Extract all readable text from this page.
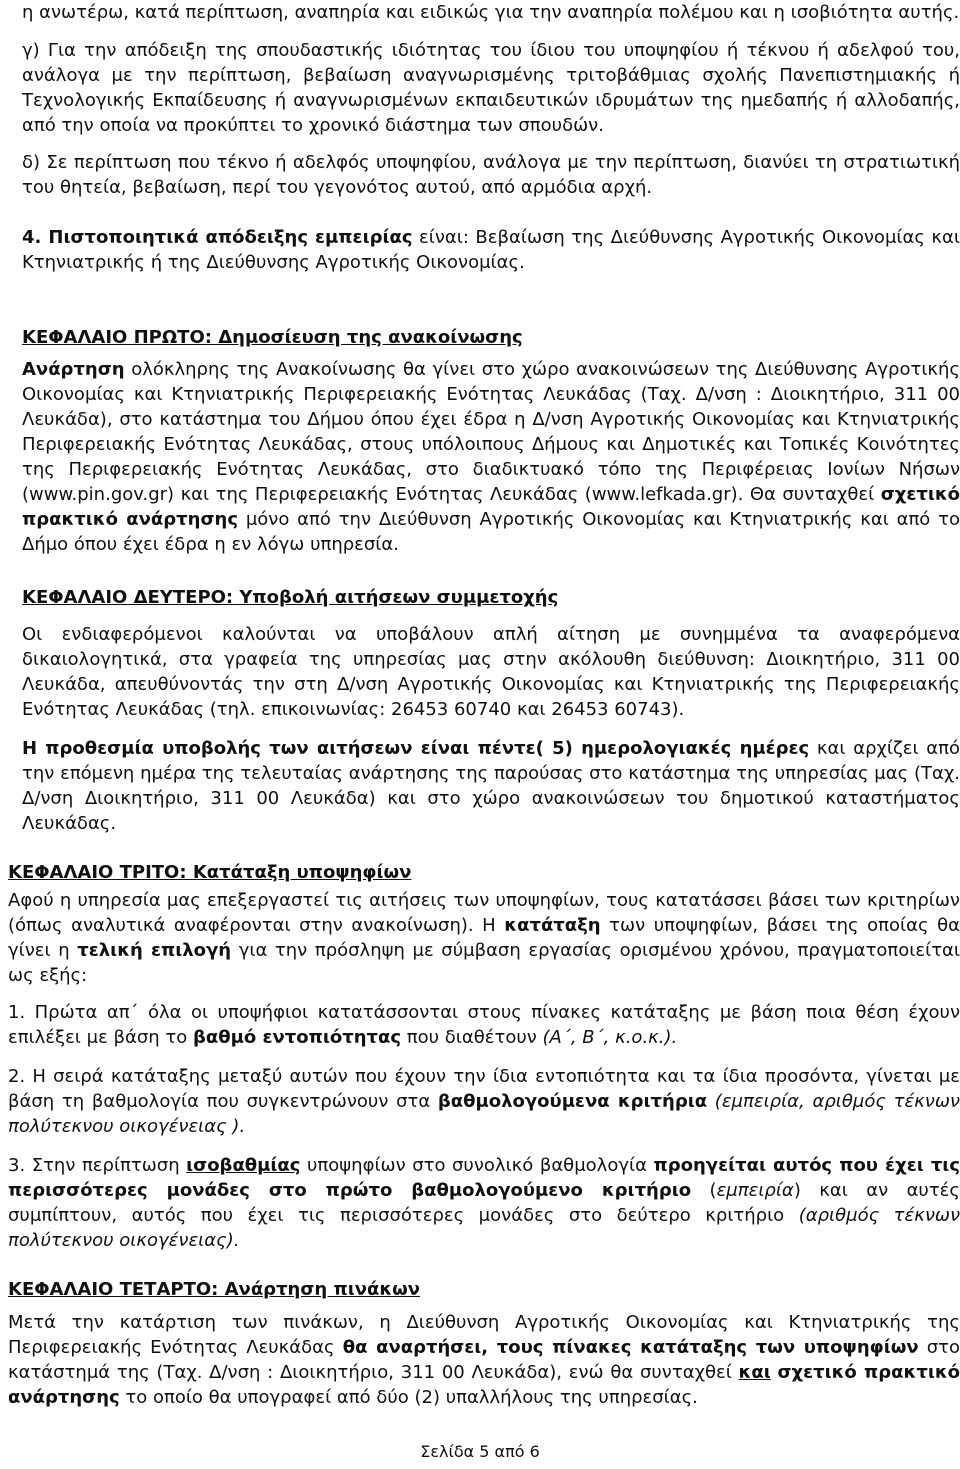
η ανωτέρω, κατά περίπτωση, αναπηρία και ειδικώς για την αναπηρία πολέμου και η ισοβιότητα αυτής.
γ) Για την απόδειξη της σπουδαστικής ιδιότητας του ίδιου του υποψηφίου ή τέκνου ή αδελφού του, ανάλογα με την περίπτωση, βεβαίωση αναγνωρισμένης τριτοβάθμιας σχολής Πανεπιστημιακής ή Τεχνολογικής Εκπαίδευσης ή αναγνωρισμένων εκπαιδευτικών ιδρυμάτων της ημεδαπής ή αλλοδαπής, από την οποία να προκύπτει το χρονικό διάστημα των σπουδών.
δ) Σε περίπτωση που τέκνο ή αδελφός υποψηφίου, ανάλογα με την περίπτωση, διανύει τη στρατιωτική του θητεία, βεβαίωση, περί του γεγονότος αυτού, από αρμόδια αρχή.
4. Πιστοποιητικά απόδειξης εμπειρίας είναι: Βεβαίωση της Διεύθυνσης Αγροτικής Οικονομίας και Κτηνιατρικής ή της Διεύθυνσης Αγροτικής Οικονομίας.
ΚΕΦΑΛΑΙΟ ΠΡΩΤΟ: Δημοσίευση της ανακοίνωσης
Ανάρτηση ολόκληρης της Ανακοίνωσης θα γίνει στο χώρο ανακοινώσεων της Διεύθυνσης Αγροτικής Οικονομίας και Κτηνιατρικής Περιφερειακής Ενότητας Λευκάδας (Ταχ. Δ/νση : Διοικητήριο, 311 00 Λευκάδα), στο κατάστημα του Δήμου όπου έχει έδρα η Δ/νση Αγροτικής Οικονομίας και Κτηνιατρικής Περιφερειακής Ενότητας Λευκάδας, στους υπόλοιπους Δήμους και Δημοτικές και Τοπικές Κοινότητες της Περιφερειακής Ενότητας Λευκάδας, στο διαδικτυακό τόπο της Περιφέρειας Ιονίων Νήσων (www.pin.gov.gr) και της Περιφερειακής Ενότητας Λευκάδας (www.lefkada.gr). Θα συνταχθεί σχετικό πρακτικό ανάρτησης μόνο από την Διεύθυνση Αγροτικής Οικονομίας και Κτηνιατρικής και από το Δήμο όπου έχει έδρα η εν λόγω υπηρεσία.
ΚΕΦΑΛΑΙΟ ΔΕΥΤΕΡΟ: Υποβολή αιτήσεων συμμετοχής
Οι ενδιαφερόμενοι καλούνται να υποβάλουν απλή αίτηση με συνημμένα τα αναφερόμενα δικαιολογητικά, στα γραφεία της υπηρεσίας μας στην ακόλουθη διεύθυνση: Διοικητήριο, 311 00 Λευκάδα, απευθύνοντάς την στη Δ/νση Αγροτικής Οικονομίας και Κτηνιατρικής της Περιφερειακής Ενότητας Λευκάδας (τηλ. επικοινωνίας: 26453 60740 και 26453 60743).
Η προθεσμία υποβολής των αιτήσεων είναι πέντε( 5) ημερολογιακές ημέρες και αρχίζει από την επόμενη ημέρα της τελευταίας ανάρτησης της παρούσας στο κατάστημα της υπηρεσίας μας (Ταχ. Δ/νση Διοικητήριο, 311 00 Λευκάδα) και στο χώρο ανακοινώσεων του δημοτικού καταστήματος Λευκάδας.
ΚΕΦΑΛΑΙΟ ΤΡΙΤΟ: Κατάταξη υποψηφίων
Αφού η υπηρεσία μας επεξεργαστεί τις αιτήσεις των υποψηφίων, τους κατατάσσει βάσει των κριτηρίων (όπως αναλυτικά αναφέρονται στην ανακοίνωση). Η κατάταξη των υποψηφίων, βάσει της οποίας θα γίνει η τελική επιλογή για την πρόσληψη με σύμβαση εργασίας ορισμένου χρόνου, πραγματοποιείται ως εξής:
1. Πρώτα απ΄ όλα οι υποψήφιοι κατατάσσονται στους πίνακες κατάταξης με βάση ποια θέση έχουν επιλέξει με βάση το βαθμό εντοπιότητας που διαθέτουν (Α΄, Β΄, κ.ο.κ.).
2. Η σειρά κατάταξης μεταξύ αυτών που έχουν την ίδια εντοπιότητα και τα ίδια προσόντα, γίνεται με βάση τη βαθμολογία που συγκεντρώνουν στα βαθμολογούμενα κριτήρια (εμπειρία, αριθμός τέκνων πολύτεκνου οικογένειας ).
3. Στην περίπτωση ισοβαθμίας υποψηφίων στο συνολικό βαθμολογία προηγείται αυτός που έχει τις περισσότερες μονάδες στο πρώτο βαθμολογούμενο κριτήριο (εμπειρία) και αν αυτές συμπίπτουν, αυτός που έχει τις περισσότερες μονάδες στο δεύτερο κριτήριο (αριθμός τέκνων πολύτεκνου οικογένειας).
ΚΕΦΑΛΑΙΟ ΤΕΤΑΡΤΟ: Ανάρτηση πινάκων
Μετά την κατάρτιση των πινάκων, η Διεύθυνση Αγροτικής Οικονομίας και Κτηνιατρικής της Περιφερειακής Ενότητας Λευκάδας θα αναρτήσει, τους πίνακες κατάταξης των υποψηφίων στο κατάστημά της (Ταχ. Δ/νση : Διοικητήριο, 311 00 Λευκάδα), ενώ θα συνταχθεί και σχετικό πρακτικό ανάρτησης το οποίο θα υπογραφεί από δύο (2) υπαλλήλους της υπηρεσίας.
Σελίδα 5 από 6
